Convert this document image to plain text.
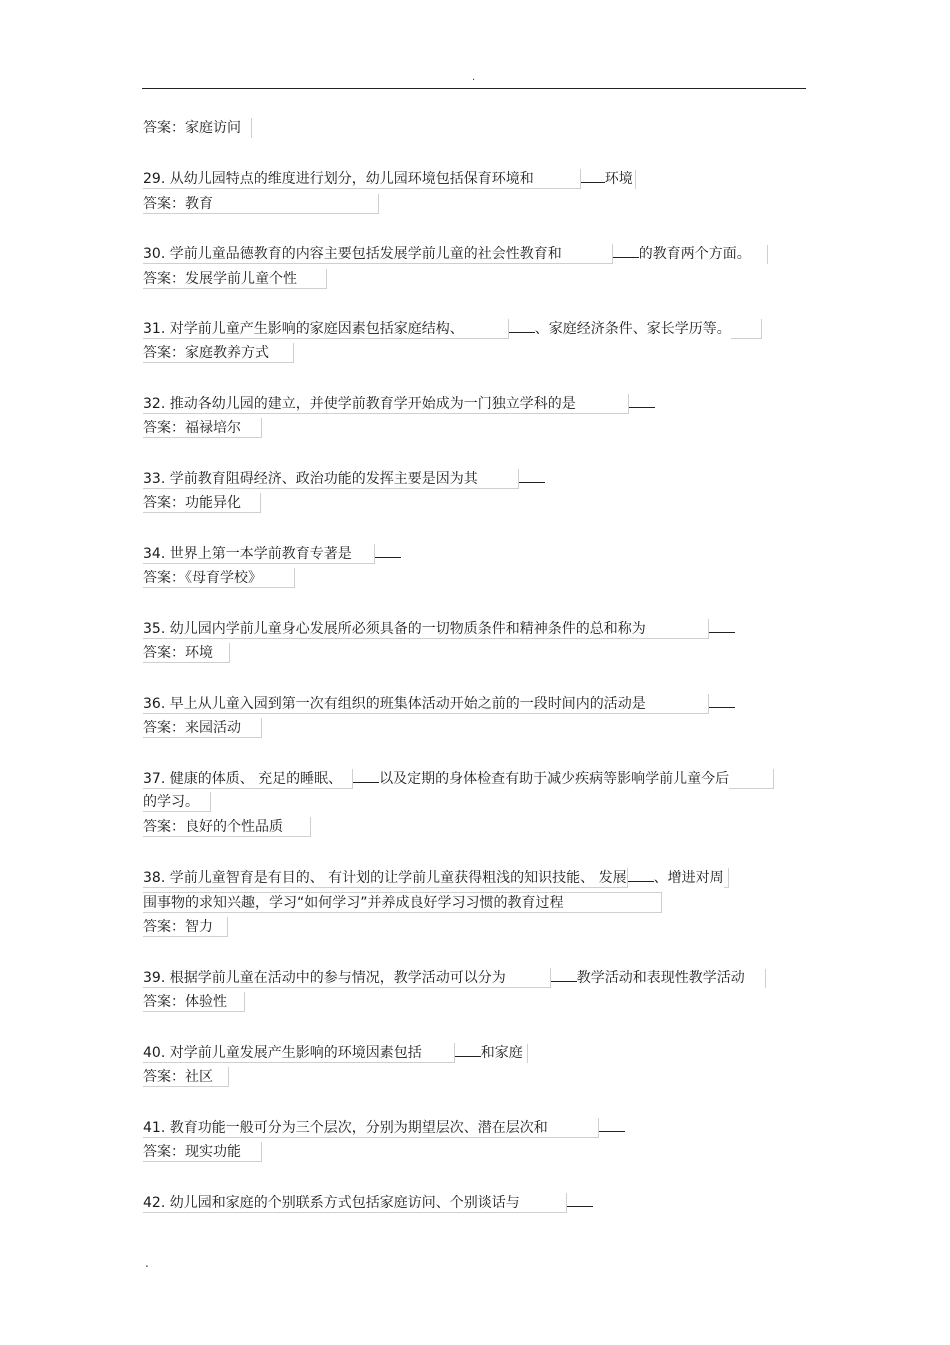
.
答案：家庭访问
29. 从幼儿园特点的维度进行划分，幼儿园环境包括保育环境和	环境
答案：教育
30. 学前儿童品德教育的内容主要包括发展学前儿童的社会性教育和	的教育两个方面。
答案：发展学前儿童个性
31. 对学前儿童产生影响的家庭因素包括家庭结构、	、家庭经济条件、家长学历等。
答案：家庭教养方式
32. 推动各幼儿园的建立，并使学前教育学开始成为一门独立学科的是
答案：福禄培尔
33. 学前教育阻碍经济、政治功能的发挥主要是因为其
答案：功能异化
34. 世界上第一本学前教育专著是
答案：《母育学校》
35. 幼儿园内学前儿童身心发展所必须具备的一切物质条件和精神条件的总和称为
答案：环境
36. 早上从儿童入园到第一次有组织的班集体活动开始之前的一段时间内的活动是
答案：来园活动
37. 健康的体质、 充足的睡眠、	以及定期的身体检查有助于减少疾病等影响学前儿童今后
的学习。
答案：良好的个性品质
38. 学前儿童智育是有目的、 有计划的让学前儿童获得粗浅的知识技能、 发展 、增进对周
围事物的求知兴趣，学习“如何学习”并养成良好学习习惯的教育过程
答案：智力
39. 根据学前儿童在活动中的参与情况，教学活动可以分为	教学活动和表现性教学活动
答案：体验性
40. 对学前儿童发展产生影响的环境因素包括	和家庭
答案：社区
41. 教育功能一般可分为三个层次，分别为期望层次、潜在层次和
答案：现实功能
42. 幼儿园和家庭的个别联系方式包括家庭访问、个别谈话与
.
